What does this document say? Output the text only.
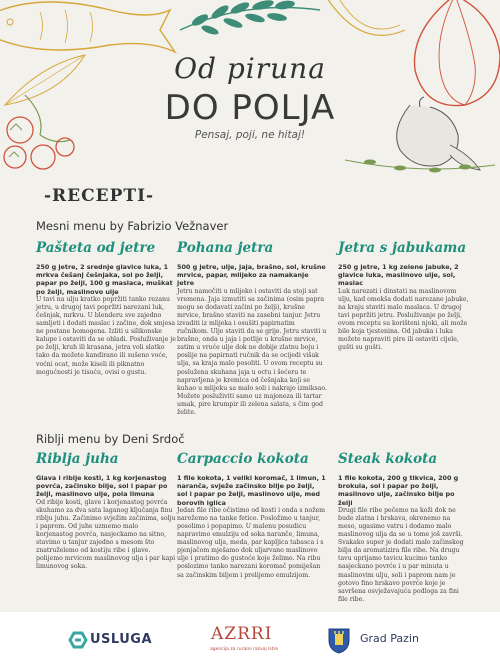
Od piruna
DO POLJA
Pensaj, poji, ne hitaj!
-RECEPTI-
Mesni menu by Fabrizio Vežnaver
Pašteta od jetre
250 g jetre, 2 srednje glavice luka, 1 mrkva češanj češnjaka, sol po želji, papar po želji, 100 g maslaca, muškat po želji, maslinovo ulje
U tavi na ulju kratko popržiti tanko rezanu jetru, u drugoj tavi popržiti narezani luk, češnjak, mrkvu. U blenderu sve zajedno samljeti i dodati maslac i začine, dok smjesa ne postane homogena. Izliti u silikonske kalupe i ostaviti da se ohladi. Posluživanje je po želji, kruh ili krasana, jetra voli slatko tako da možete kandirano ili sušeno voće, voćni ocat, može kiseli ili piknatno mogućnosti je tisuću, ovisi o gustu.
Pohana jetra
500 g jetre, ulje, jaja, brašno, sol, krušne mrvice, papar, mlijeko za namakanje jetre
Jetru namočiti u mlijeko i ostaviti da stoji sat vremena. Jaja izmutiti sa začinima (osim papra mogu se dodavati začini po želji), krušne mrvice, brašno staviti na zasebni tanjur. Jetru izvaditi iz mlijeka i osušiti papirnatim ručnikom. Ulje staviti da se grije. Jetru staviti u brašno, onda u jaja i potlije u krušne mrvice, zatim u vruće ulje dok ne dobije zlatnu boju i poslije na papirnati ručnik da se ocijedi višak ulja, sa kraja malo posoliti. U ovom receptu su posluženа skuhana jaja u octu i šećeru te napravljena je kremica od češnjaka koji se kuhao u mlijeku sa malo soli i nakrajo izmiksao. Možete posluživiti samo uz majoneza ili tartar umak, pire krumpir ili zelena salata, s čim god želite.
Jetra s jabukama
250 g jetre, 1 kg zelene jabuke, 2 glavice luka, maslinovo ulje, sol, maslac
Luk narezati i dinstati na maslinovom ulju, kad omekša dodati narezane jabuke, na kraju staviti malo maslaca. U drugoj tavi popržiti jetru. Posluživanje po želji, ovom receptu su korišteni njoki, ali može bilo koja tjestenina. Od jabuka i luka možete napraviti pire ili ostaviti cijele, gušti su gušti.
Riblji menu by Deni Srdoč
Riblja juha
Glava i riblje kosti, 1 kg korjenastog povrća, začinsko bilje, sol i papar po želji, maslinovo ulje, pola limuna
Od ribije kosti, glave i korjenastog povrća skuhamo za dva sata laganog ključanja finu riblju juhu. Začinimo svježim začinima, solju i paprom. Od juhe uzmemo malo korjenastog povrća, nasjeckamo na sitno, stavimo u tanjur zajedno s mesom što znatruželemo od kostiju ribe i glave. polijemo mrvicom maslinovog ulja i par kapi limunovog soka.
Carpaccio kokota
1 file kokota, 1 veliki koromač, 1 limun, 1 naranča, svježe začinsko bilje po želji, sol i papar po želji, maslinovo ulje, med borovih iglica
Jedan file ribe očistimo od kosti i onda s nožem narežemo na tanke fetice. Posložimo u tanjur, posolimo i popapimo. U malenu posudicu napravimo emulziju od soka naranče, limuna, maslinovog ulja, meda, par kapljica tabasca i s pjenjačom mješamo dok uljarvano maslinovo ulje i pratimo do gustoće koje želimo. Na ribu poslozimo tanko narezani koromač pomiješan sa začinskim biljem i preliјemo emulzijom.
Steak kokota
1 file kokota, 200 g tikvica, 200 g brokula, sol i papar po želji, maslinovo ulje, začinsko bilje po želji
Drugi file ribe pečemo na koži dok ne bude zlatna i hrskava, okrenemo na meso, ugasimo vatru i dodamo malo maslinovog ulja da se u tome još završi. Svakako super je dodati malo začinskog bilja da aromatizira file ribe. Na drugu tavu uprijamo tavicu kucimo tanko nasjeckano povrće i u par minuta u maslinovim ulju, soli i paprom nam je gotovo fino hrskavo povrće koje je savršena osvježavajuća podloga za fini file ribe.
USLUGA	AZRRI
agencija za ruralni razvoj Istre
Grad Pazin
